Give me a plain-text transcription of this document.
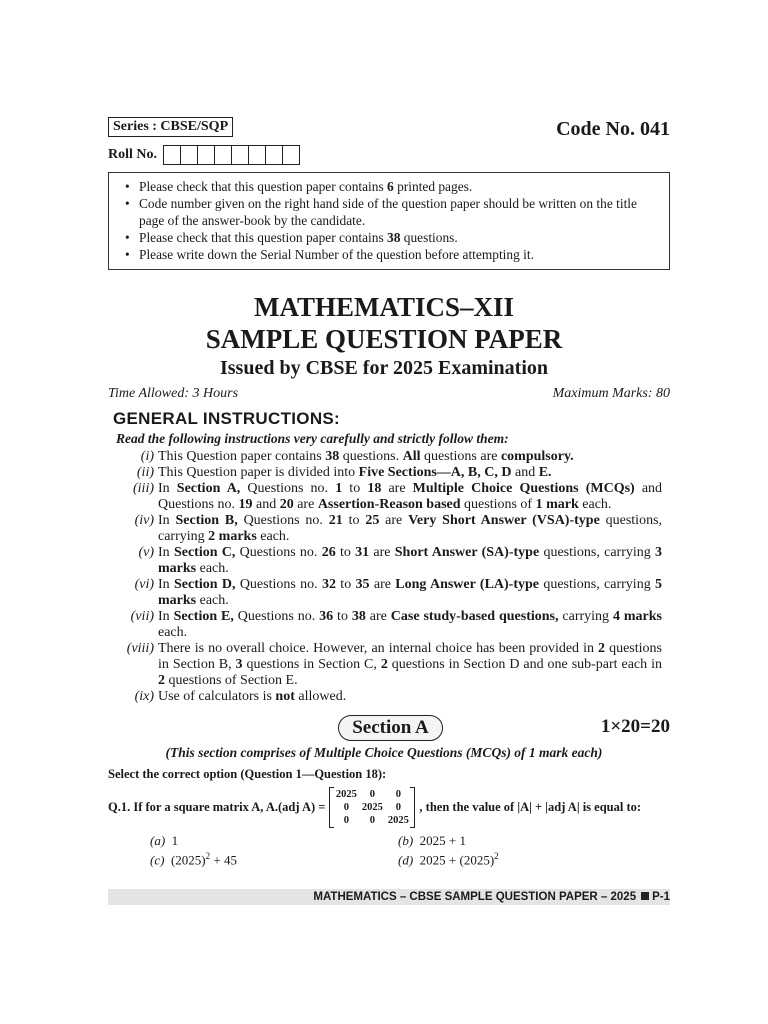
Series : CBSE/SQP	Code No. 041
Roll No.
• Please check that this question paper contains 6 printed pages.
• Code number given on the right hand side of the question paper should be written on the title page of the answer-book by the candidate.
• Please check that this question paper contains 38 questions.
• Please write down the Serial Number of the question before attempting it.
MATHEMATICS–XII
SAMPLE QUESTION PAPER
Issued by CBSE for 2025 Examination
Time Allowed: 3 Hours	Maximum Marks: 80
GENERAL INSTRUCTIONS:
Read the following instructions very carefully and strictly follow them:
(i) This Question paper contains 38 questions. All questions are compulsory.
(ii) This Question paper is divided into Five Sections—A, B, C, D and E.
(iii) In Section A, Questions no. 1 to 18 are Multiple Choice Questions (MCQs) and Questions no. 19 and 20 are Assertion-Reason based questions of 1 mark each.
(iv) In Section B, Questions no. 21 to 25 are Very Short Answer (VSA)-type questions, carrying 2 marks each.
(v) In Section C, Questions no. 26 to 31 are Short Answer (SA)-type questions, carrying 3 marks each.
(vi) In Section D, Questions no. 32 to 35 are Long Answer (LA)-type questions, carrying 5 marks each.
(vii) In Section E, Questions no. 36 to 38 are Case study-based questions, carrying 4 marks each.
(viii) There is no overall choice. However, an internal choice has been provided in 2 questions in Section B, 3 questions in Section C, 2 questions in Section D and one sub-part each in 2 questions of Section E.
(ix) Use of calculators is not allowed.
Section A	1×20=20
(This section comprises of Multiple Choice Questions (MCQs) of 1 mark each)
Select the correct option (Question 1—Question 18):
Q.1. If for a square matrix A, A.(adj A) =
2025	0	0
0	2025	0
0	0	2025
, then the value of |A| + |adj A| is equal to:
(a) 1	(b) 2025 + 1
(c) $(2025)^2 + 45$	(d) $2025 + (2025)^2$
MATHEMATICS – CBSE SAMPLE QUESTION PAPER – 2025 P-1
